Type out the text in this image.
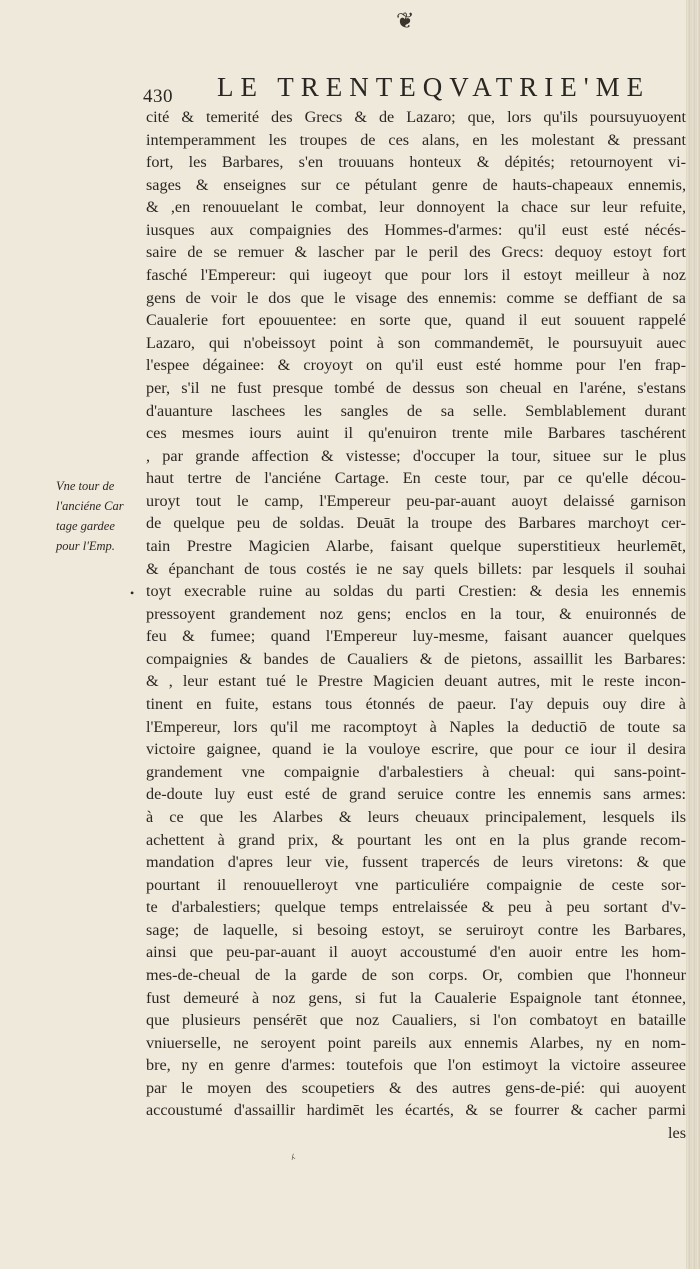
❦
430 LE TRENTEQVATRIE'ME
Vne tour de
l'anciéne Car
tage gardee
pour l'Emp.
•
cité & temerité des Grecs & de Lazaro; que, lors qu'ils poursuyuoyent
intemperamment les troupes de ces alans, en les molestant & pressant
fort, les Barbares, s'en trouuans honteux & dépités; retournoyent vi-
sages & enseignes sur ce pétulant genre de hauts-chapeaux ennemis,
& ,en renouuelant le combat, leur donnoyent la chace sur leur refuite,
iusques aux compaignies des Hommes-d'armes: qu'il eust esté nécés-
saire de se remuer & lascher par le peril des Grecs: dequoy estoyt fort
fasché l'Empereur: qui iugeoyt que pour lors il estoyt meilleur à noz
gens de voir le dos que le visage des ennemis: comme se deffiant de sa
Caualerie fort epouuentee: en sorte que, quand il eut souuent rappelé
Lazaro, qui n'obeissoyt point à son commandemēt, le poursuyuit auec
l'espee dégainee: & croyoyt on qu'il eust esté homme pour l'en frap-
per, s'il ne fust presque tombé de dessus son cheual en l'aréne, s'estans
d'auanture laschees les sangles de sa selle. Semblablement durant
ces mesmes iours auint il qu'enuiron trente mile Barbares taschérent
, par grande affection & vistesse; d'occuper la tour, situee sur le plus
haut tertre de l'anciéne Cartage. En ceste tour, par ce qu'elle décou-
uroyt tout le camp, l'Empereur peu-par-auant auoyt delaissé garnison
de quelque peu de soldas. Deuāt la troupe des Barbares marchoyt cer-
tain Prestre Magicien Alarbe, faisant quelque superstitieux heurlemēt,
& épanchant de tous costés ie ne say quels billets: par lesquels il souhai
toyt execrable ruine au soldas du parti Crestien: & desia les ennemis
pressoyent grandement noz gens; enclos en la tour, & enuironnés de
feu & fumee; quand l'Empereur luy-mesme, faisant auancer quelques
compaignies & bandes de Caualiers & de pietons, assaillit les Barbares:
& , leur estant tué le Prestre Magicien deuant autres, mit le reste incon-
tinent en fuite, estans tous étonnés de paeur. I'ay depuis ouy dire à
l'Empereur, lors qu'il me racomptoyt à Naples la deductiō de toute sa
victoire gaignee, quand ie la vouloye escrire, que pour ce iour il desira
grandement vne compaignie d'arbalestiers à cheual: qui sans-point-
de-doute luy eust esté de grand seruice contre les ennemis sans armes:
à ce que les Alarbes & leurs cheuaux principalement, lesquels ils
achettent à grand prix, & pourtant les ont en la plus grande recom-
mandation d'apres leur vie, fussent trapercés de leurs viretons: & que
pourtant il renouuelleroyt vne particuliére compaignie de ceste sor-
te d'arbalestiers; quelque temps entrelaissée & peu à peu sortant d'v-
sage; de laquelle, si besoing estoyt, se seruiroyt contre les Barbares,
ainsi que peu-par-auant il auoyt accoustumé d'en auoir entre les hom-
mes-de-cheual de la garde de son corps. Or, combien que l'honneur
fust demeuré à noz gens, si fut la Caualerie Espaignole tant étonnee,
que plusieurs pensérēt que noz Caualiers, si l'on combatoyt en bataille
vniuerselle, ne seroyent point pareils aux ennemis Alarbes, ny en nom-
bre, ny en genre d'armes: toutefois que l'on estimoyt la victoire asseuree
par le moyen des scoupetiers & des autres gens-de-pié: qui auoyent
accoustumé d'assaillir hardimēt les écartés, & se fourrer & cacher parmi
les
⁁
